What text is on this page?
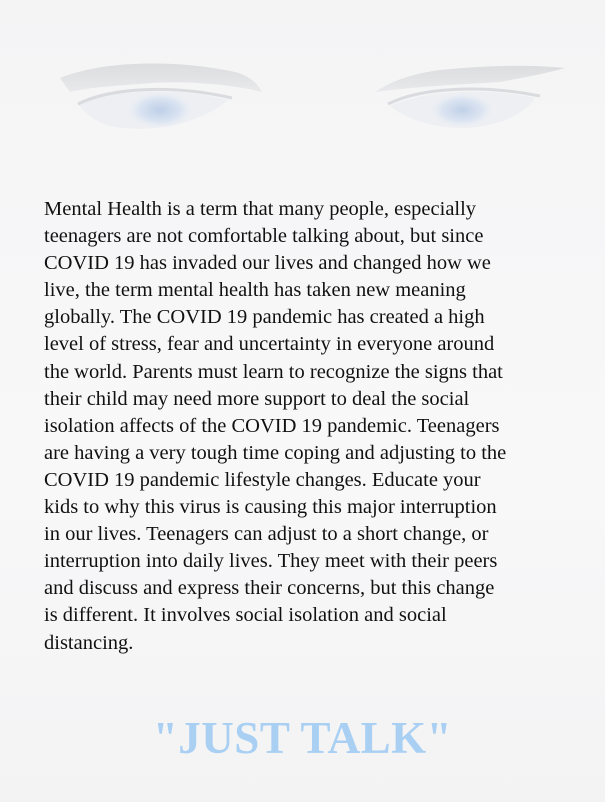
Mental Health is a term that many people, especially
teenagers are not comfortable talking about, but since
COVID 19 has invaded our lives and changed how we
live, the term mental health has taken new meaning
globally. The COVID 19 pandemic has created a high
level of stress, fear and uncertainty in everyone around
the world. Parents must learn to recognize the signs that
their child may need more support to deal the social
isolation affects of the COVID 19 pandemic. Teenagers
are having a very tough time coping and adjusting to the
COVID 19 pandemic lifestyle changes. Educate your
kids to why this virus is causing this major interruption
in our lives. Teenagers can adjust to a short change, or
interruption into daily lives. They meet with their peers
and discuss and express their concerns, but this change
is different. It involves social isolation and social
distancing.

"JUST TALK"
